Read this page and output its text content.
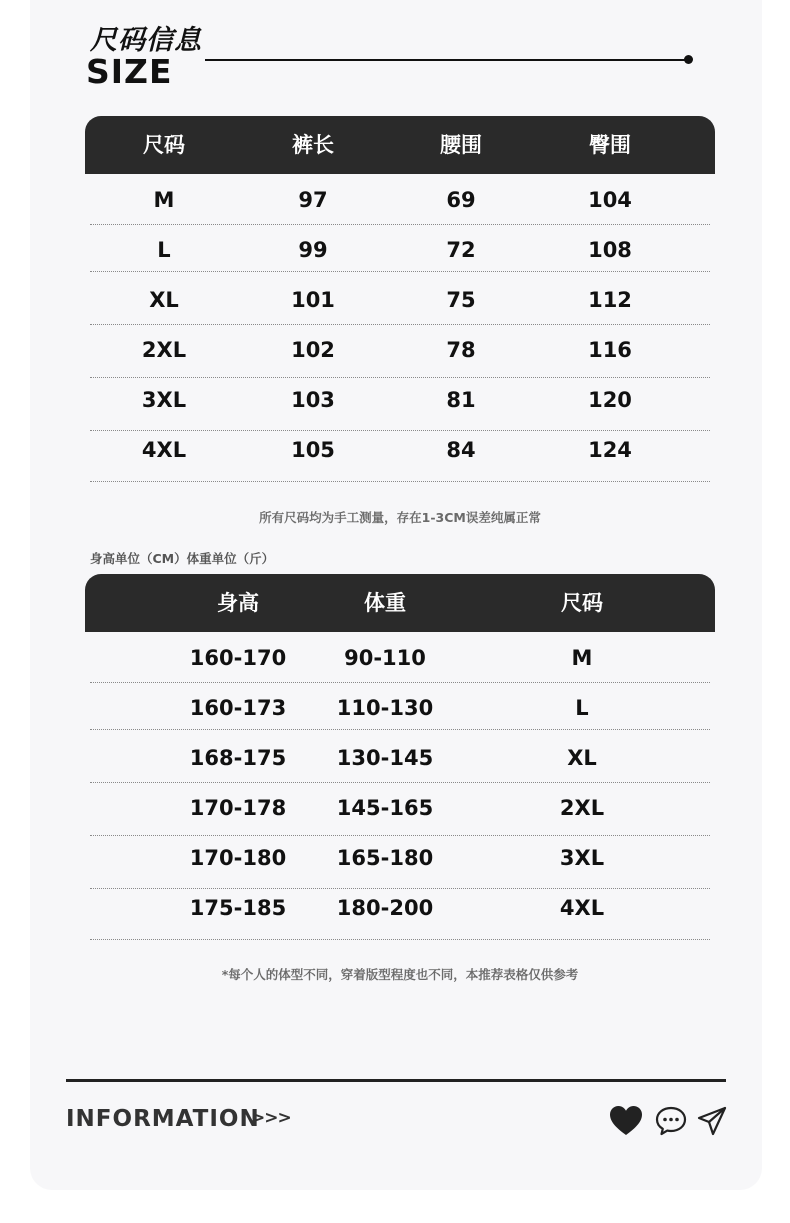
尺码信息
SIZE
尺码	裤长	腰围	臀围
M	97	69	104
L	99	72	108
XL	101	75	112
2XL	102	78	116
3XL	103	81	120
4XL	105	84	124
所有尺码均为手工测量，存在1-3CM误差纯属正常
身高单位（CM）体重单位（斤）
身高	体重	尺码
160-170	90-110	M
160-173 110-130	L
168-175 130-145	XL
170-178 145-165	2XL
170-180 165-180	3XL
175-185 180-200	4XL
*每个人的体型不同，穿着版型程度也不同，本推荐表格仅供参考
INFORMATION
>>>
